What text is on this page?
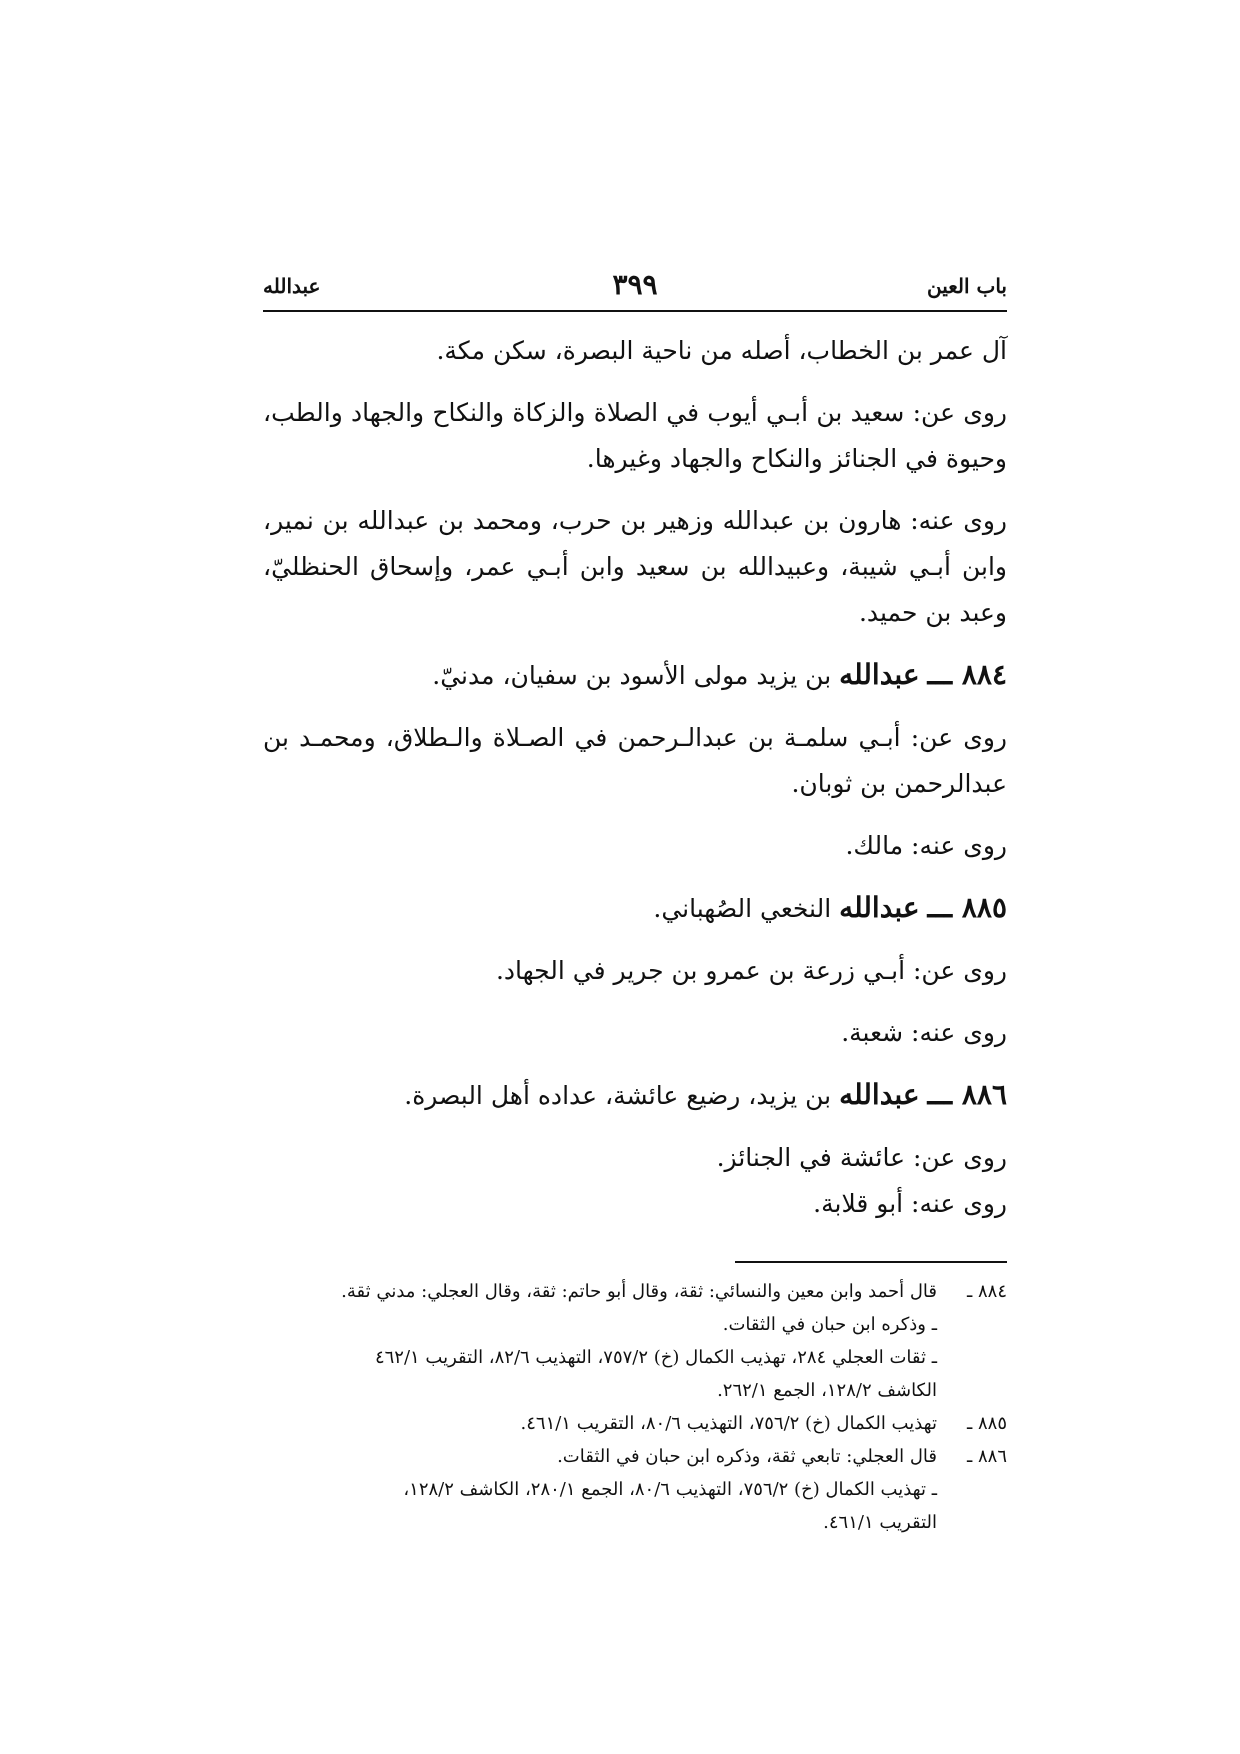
باب العين
٣٩٩
عبدالله

آل عمر بن الخطاب، أصله من ناحية البصرة، سكن مكة.

روى عن: سعيد بن أبـي أيوب في الصلاة والزكاة والنكاح والجهاد والطب، وحيوة في الجنائز والنكاح والجهاد وغيرها.

روى عنه: هارون بن عبدالله وزهير بن حرب، ومحمد بن عبدالله بن نمير، وابن أبـي شيبة، وعبيدالله بن سعيد وابن أبـي عمر، وإسحاق الحنظليّ، وعبد بن حميد.

٨٨٤ ـــ عبدالله بن يزيد مولى الأسود بن سفيان، مدنيّ.

روى عن: أبـي سلمـة بن عبدالـرحمن في الصـلاة والـطلاق، ومحمـد بن عبدالرحمن بن ثوبان.

روى عنه: مالك.

٨٨٥ ـــ عبدالله النخعي الصُهباني.

روى عن: أبـي زرعة بن عمرو بن جرير في الجهاد.

روى عنه: شعبة.

٨٨٦ ـــ عبدالله بن يزيد، رضيع عائشة، عداده أهل البصرة.

روى عن: عائشة في الجنائز.

روى عنه: أبو قلابة.

٨٨٤ ـقال أحمد وابن معين والنسائي: ثقة، وقال أبو حاتم: ثقة، وقال العجلي: مدني ثقة.
ـ وذكره ابن حبان في الثقات.
ـ ثقات العجلي ٢٨٤، تهذيب الكمال (خ) ٧٥٧/٢، التهذيب ٨٢/٦، التقريب ٤٦٢/١
الكاشف ١٢٨/٢، الجمع ٢٦٢/١.
٨٨٥ ـتهذيب الكمال (خ) ٧٥٦/٢، التهذيب ٨٠/٦، التقريب ٤٦١/١.
٨٨٦ ـقال العجلي: تابعي ثقة، وذكره ابن حبان في الثقات.
ـ تهذيب الكمال (خ) ٧٥٦/٢، التهذيب ٨٠/٦، الجمع ٢٨٠/١، الكاشف ١٢٨/٢،
التقريب ٤٦١/١.
